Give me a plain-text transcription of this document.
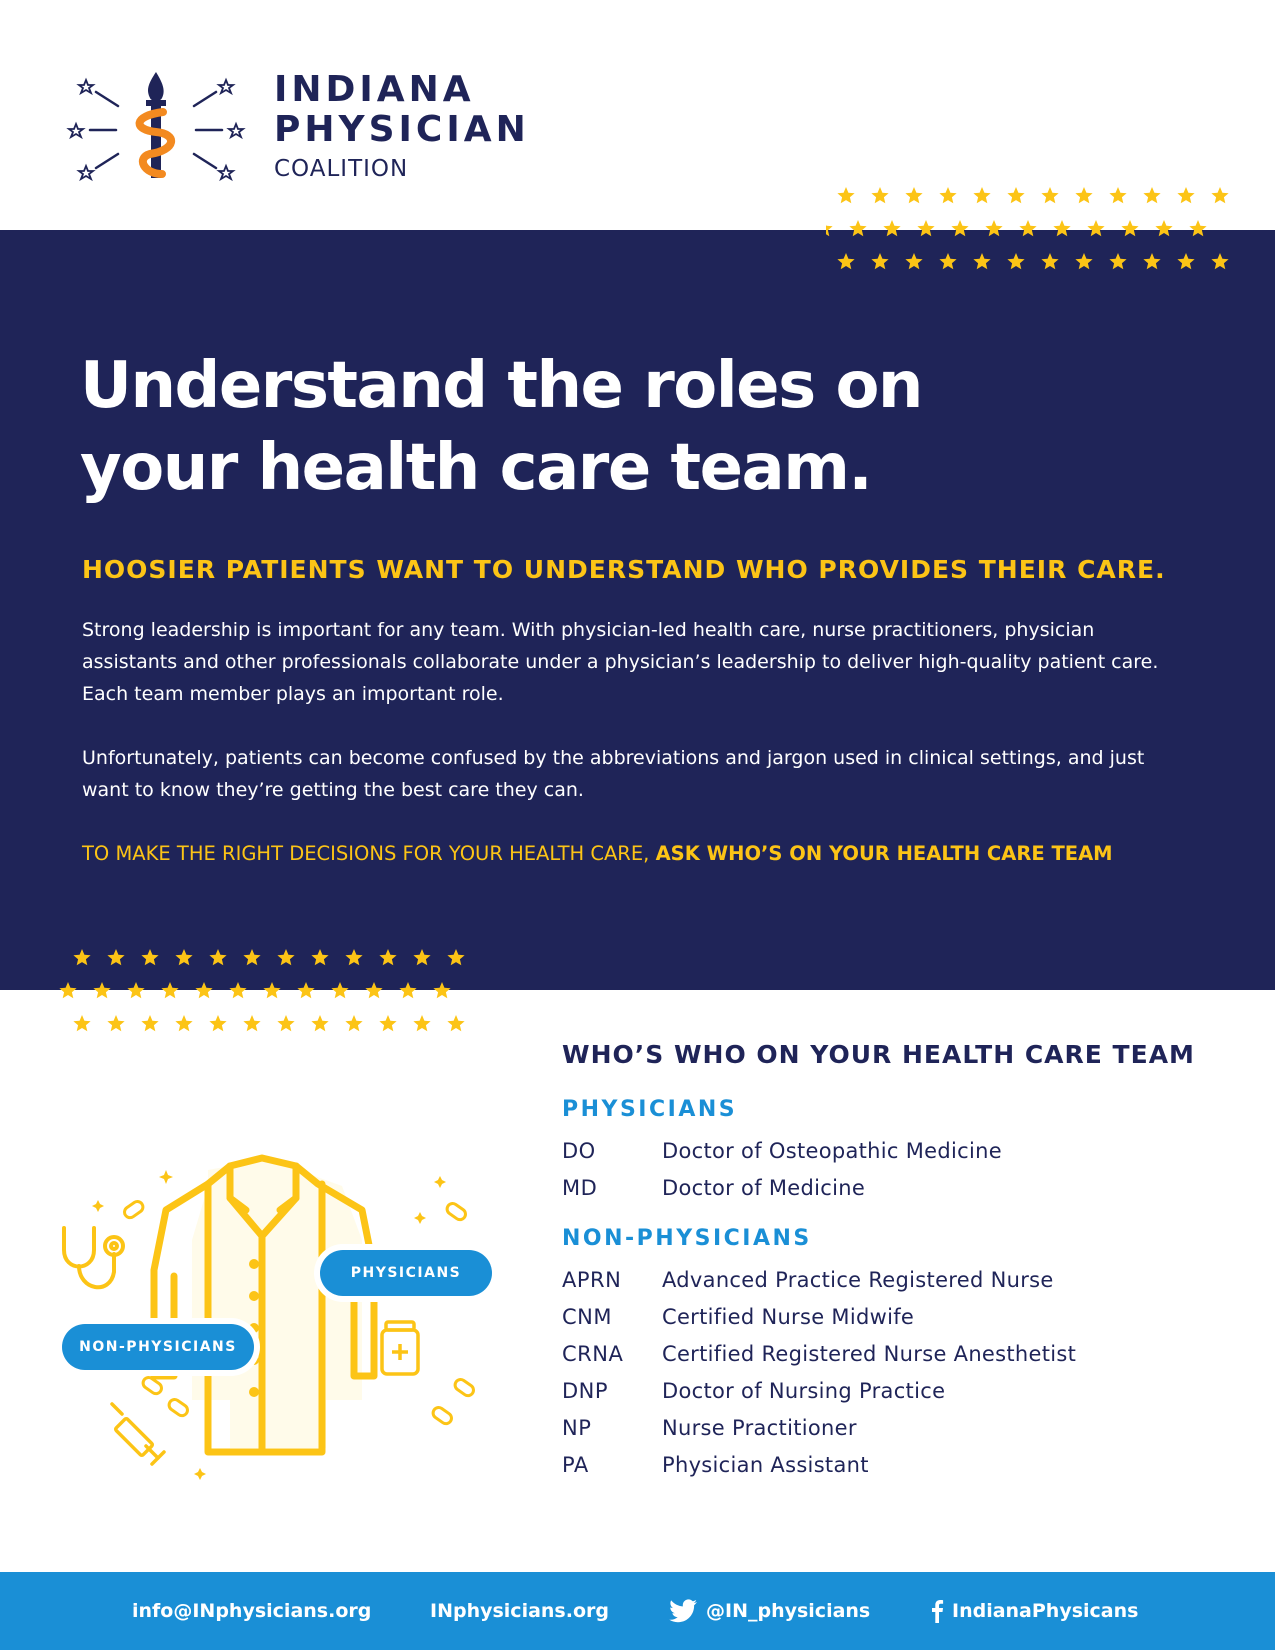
INDIANA
PHYSICIAN
COALITION
Understand the roles on
your health care team.
HOOSIER PATIENTS WANT TO UNDERSTAND WHO PROVIDES THEIR CARE.
Strong leadership is important for any team. With physician-led health care, nurse practitioners, physician assistants and other professionals collaborate under a physician’s leadership to deliver high-quality patient care. Each team member plays an important role.
Unfortunately, patients can become confused by the abbreviations and jargon used in clinical settings, and just want to know they’re getting the best care they can.
TO MAKE THE RIGHT DECISIONS FOR YOUR HEALTH CARE, ASK WHO’S ON YOUR HEALTH CARE TEAM
PHYSICIANS
NON-PHYSICIANS
WHO’S WHO ON YOUR HEALTH CARE TEAM
PHYSICIANS
DO	Doctor of Osteopathic Medicine
MD	Doctor of Medicine
NON-PHYSICIANS
APRN	Advanced Practice Registered Nurse
CNM	Certified Nurse Midwife
CRNA	Certified Registered Nurse Anesthetist
DNP	Doctor of Nursing Practice
NP	Nurse Practitioner
PA	Physician Assistant
info@INphysicians.org	INphysicians.org	@IN_physicians	IndianaPhysicans
